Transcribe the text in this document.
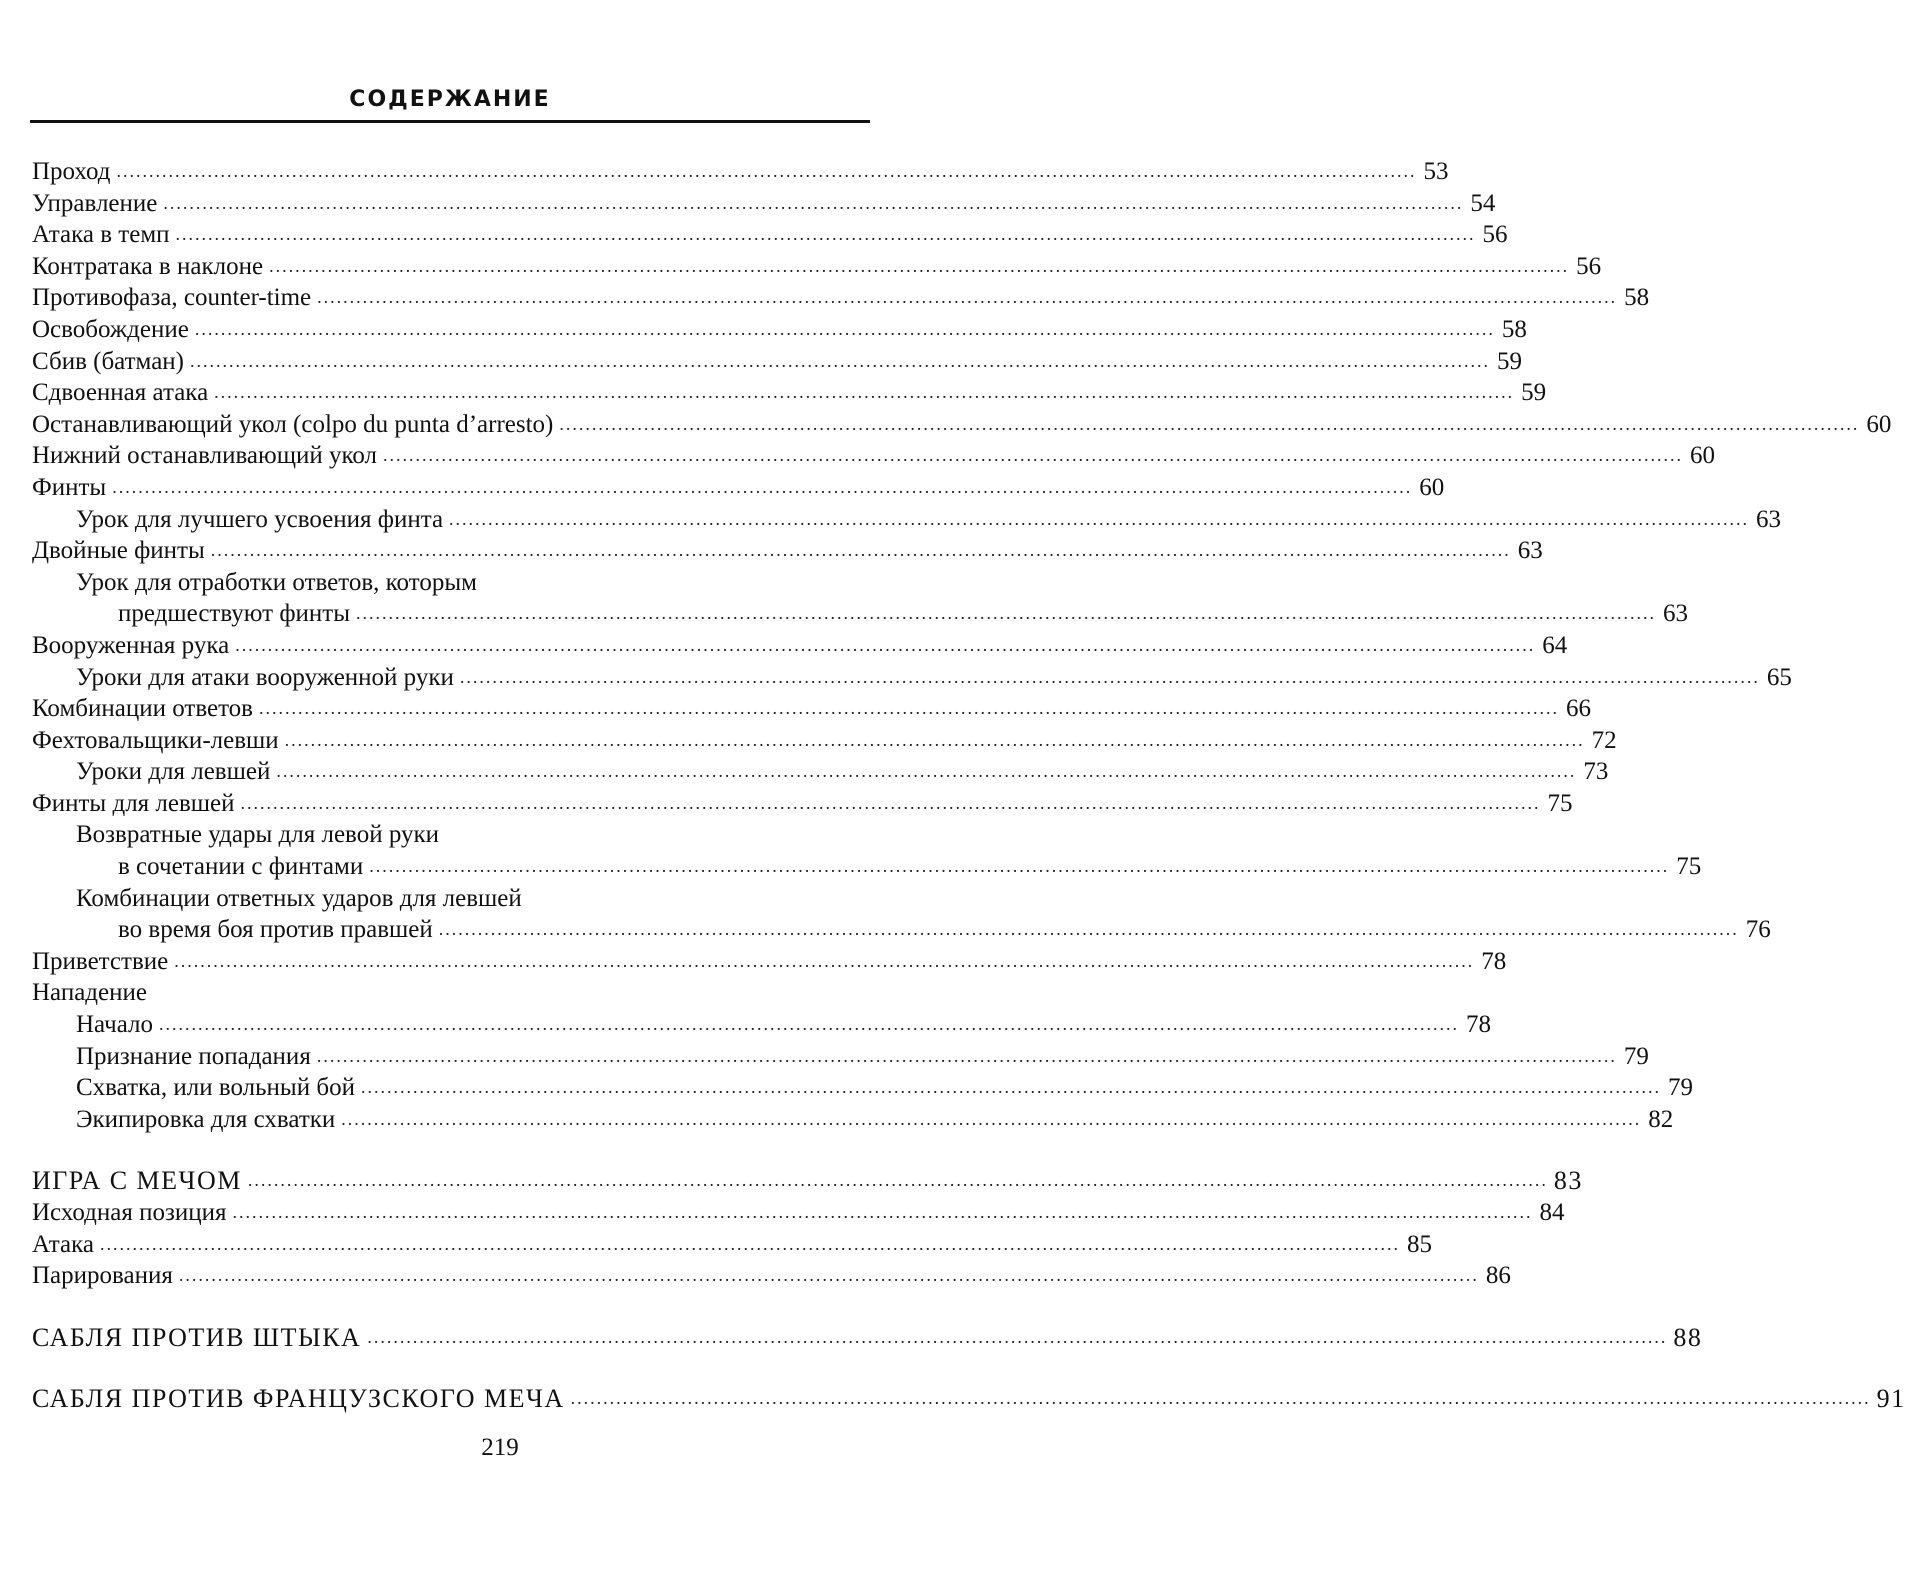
СОДЕРЖАНИЕ
Проход ........................................................................................................................................................................................................ 53
Управление ........................................................................................................................................................................................................ 54
Атака в темп ........................................................................................................................................................................................................ 56
Контратака в наклоне ........................................................................................................................................................................................................ 56
Противофаза, counter-time ........................................................................................................................................................................................................ 58
Освобождение ........................................................................................................................................................................................................ 58
Сбив (батман) ........................................................................................................................................................................................................ 59
Сдвоенная атака ........................................................................................................................................................................................................ 59
Останавливающий укол (colpo du punta d’arresto) ........................................................................................................................................................................................................ 60
Нижний останавливающий укол ........................................................................................................................................................................................................ 60
Финты ........................................................................................................................................................................................................ 60
Урок для лучшего усвоения финта ........................................................................................................................................................................................................ 63
Двойные финты ........................................................................................................................................................................................................ 63
Урок для отработки ответов, которым
предшествуют финты ........................................................................................................................................................................................................ 63
Вооруженная рука ........................................................................................................................................................................................................ 64
Уроки для атаки вооруженной руки ........................................................................................................................................................................................................ 65
Комбинации ответов ........................................................................................................................................................................................................ 66
Фехтовальщики-левши ........................................................................................................................................................................................................ 72
Уроки для левшей ........................................................................................................................................................................................................ 73
Финты для левшей ........................................................................................................................................................................................................ 75
Возвратные удары для левой руки
в сочетании с финтами ........................................................................................................................................................................................................ 75
Комбинации ответных ударов для левшей
во время боя против правшей ........................................................................................................................................................................................................ 76
Приветствие ........................................................................................................................................................................................................ 78
Нападение
Начало ........................................................................................................................................................................................................ 78
Признание попадания ........................................................................................................................................................................................................ 79
Схватка, или вольный бой ........................................................................................................................................................................................................ 79
Экипировка для схватки ........................................................................................................................................................................................................ 82
ИГРА С МЕЧОМ ........................................................................................................................................................................................................ 83
Исходная позиция ........................................................................................................................................................................................................ 84
Атака ........................................................................................................................................................................................................ 85
Парирования ........................................................................................................................................................................................................ 86
САБЛЯ ПРОТИВ ШТЫКА ........................................................................................................................................................................................................ 88
САБЛЯ ПРОТИВ ФРАНЦУЗСКОГО МЕЧА ........................................................................................................................................................................................................ 91
219
